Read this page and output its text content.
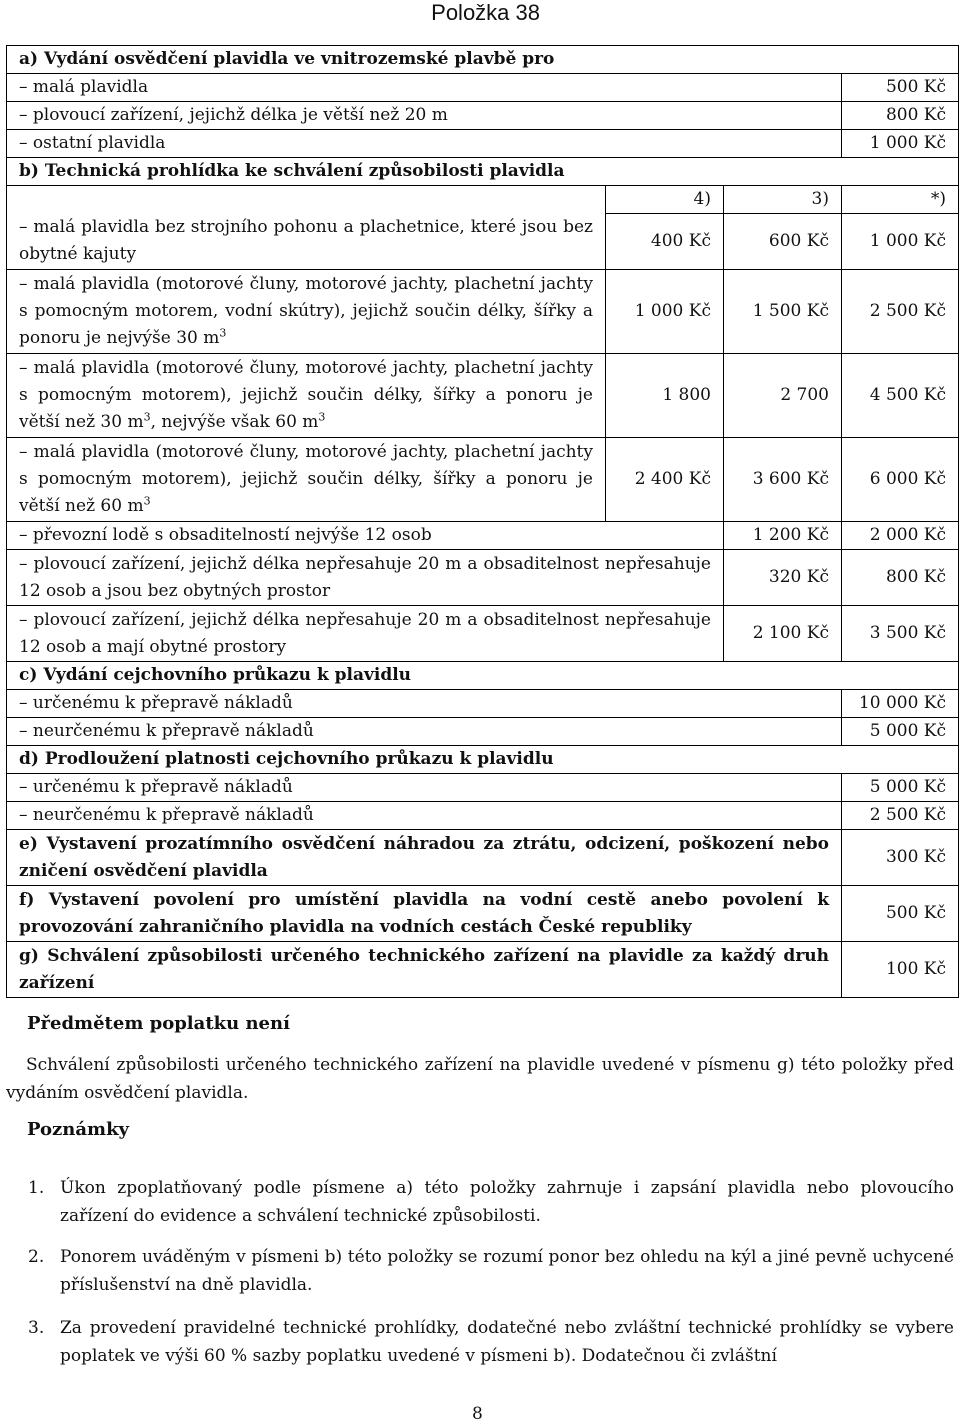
Položka 38
a) Vydání osvědčení plavidla ve vnitrozemské plavbě pro			
– malá plavidla			500 Kč
– plovoucí zařízení, jejichž délka je větší než 20 m			800 Kč
– ostatní plavidla			1 000 Kč
b) Technická prohlídka ke schválení způsobilosti plavidla			
	4)	3)	*)
– malá plavidla bez strojního pohonu a plachetnice, které jsou bez obytné kajuty	400 Kč	600 Kč	1 000 Kč
– malá plavidla (motorové čluny, motorové jachty, plachetní jachty s pomocným motorem, vodní skútry), jejichž součin délky, šířky a ponoru je nejvýše 30 $m^3$	1 000 Kč	1 500 Kč	2 500 Kč
– malá plavidla (motorové čluny, motorové jachty, plachetní jachty s pomocným motorem), jejichž součin délky, šířky a ponoru je větší než 30 $m^3$, nejvýše však 60 $m^3$	1 800	2 700	4 500 Kč
– malá plavidla (motorové čluny, motorové jachty, plachetní jachty s pomocným motorem), jejichž součin délky, šířky a ponoru je větší než 60 $m^3$	2 400 Kč	3 600 Kč	6 000 Kč
– převozní lodě s obsaditelností nejvýše 12 osob		1 200 Kč	2 000 Kč
– plovoucí zařízení, jejichž délka nepřesahuje 20 m a obsaditelnost nepřesahuje 12 osob a jsou bez obytných prostor		320 Kč	800 Kč
– plovoucí zařízení, jejichž délka nepřesahuje 20 m a obsaditelnost nepřesahuje 12 osob a mají obytné prostory		2 100 Kč	3 500 Kč
c) Vydání cejchovního průkazu k plavidlu			
– určenému k přepravě nákladů			10 000 Kč
– neurčenému k přepravě nákladů			5 000 Kč
d) Prodloužení platnosti cejchovního průkazu k plavidlu			
– určenému k přepravě nákladů			5 000 Kč
– neurčenému k přepravě nákladů			2 500 Kč
e) Vystavení prozatímního osvědčení náhradou za ztrátu, odcizení, poškození nebo zničení osvědčení plavidla			300 Kč
f) Vystavení povolení pro umístění plavidla na vodní cestě anebo povolení k provozování zahraničního plavidla na vodních cestách České republiky			500 Kč
g) Schválení způsobilosti určeného technického zařízení na plavidle za každý druh zařízení			100 Kč
Předmětem poplatku není
Schválení způsobilosti určeného technického zařízení na plavidle uvedené v písmenu g) této položky před vydáním osvědčení plavidla.
Poznámky
1. Úkon zpoplatňovaný podle písmene a) této položky zahrnuje i zapsání plavidla nebo plovoucího zařízení do evidence a schválení technické způsobilosti.
2. Ponorem uváděným v písmeni b) této položky se rozumí ponor bez ohledu na kýl a jiné pevně uchycené příslušenství na dně plavidla.
3. Za provedení pravidelné technické prohlídky, dodatečné nebo zvláštní technické prohlídky se vybere poplatek ve výši 60 % sazby poplatku uvedené v písmeni b). Dodatečnou či zvláštní
8
